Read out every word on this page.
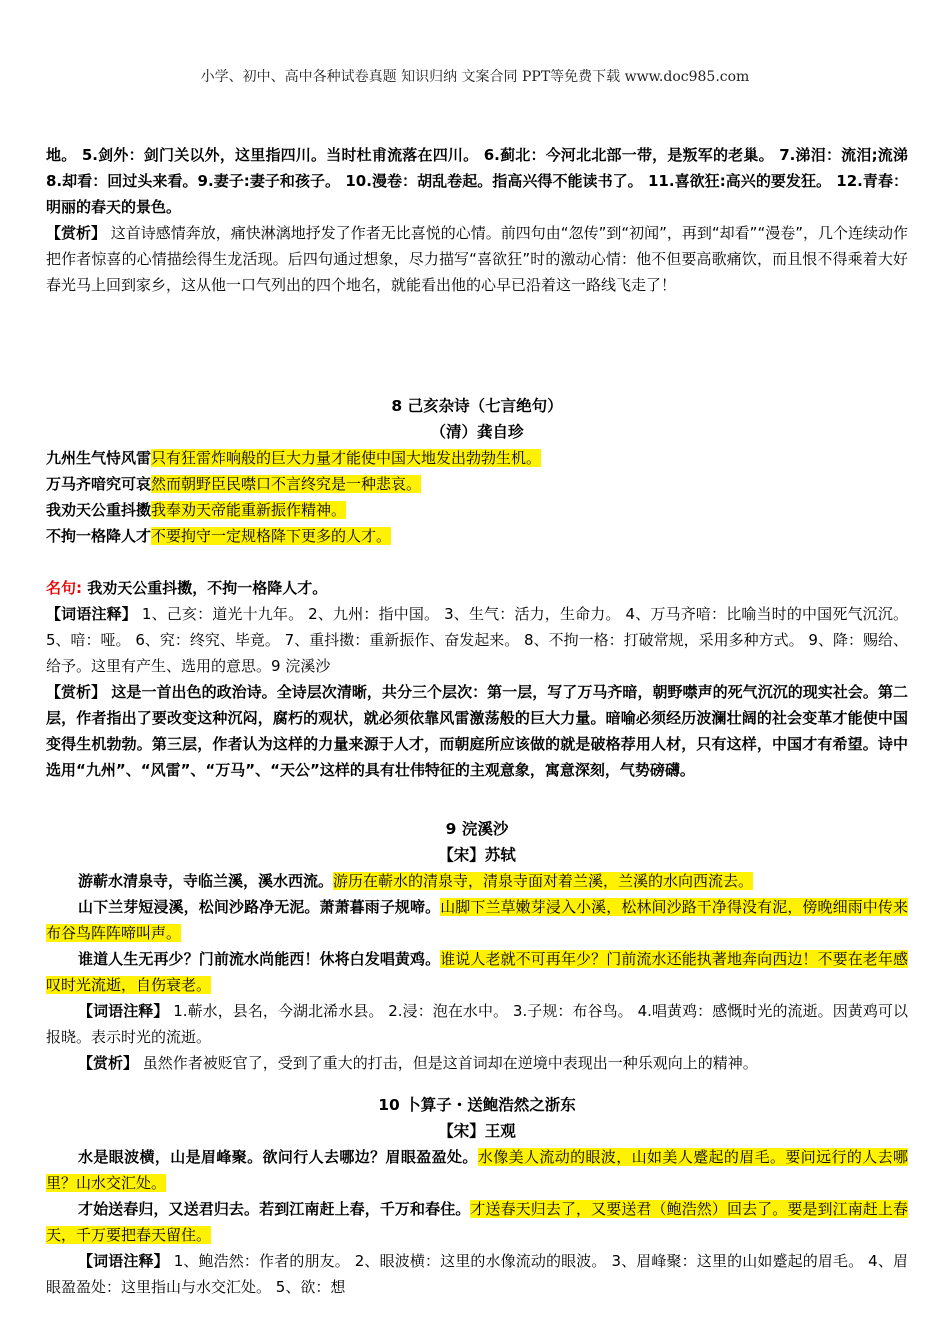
小学、初中、高中各种试卷真题 知识归纳 文案合同 PPT等免费下载 www.doc985.com

地。 5.剑外：剑门关以外，这里指四川。当时杜甫流落在四川。 6.蓟北：今河北北部一带，是叛军的老巢。 7.涕泪：流泪;流涕 8.却看：回过头来看。9.妻子:妻子和孩子。 10.漫卷：胡乱卷起。指高兴得不能读书了。 11.喜欲狂:高兴的要发狂。 12.青春：明丽的春天的景色。

【赏析】 这首诗感情奔放，痛快淋漓地抒发了作者无比喜悦的心情。前四句由“忽传”到“初闻”，再到“却看”“漫卷”，几个连续动作把作者惊喜的心情描绘得生龙活现。后四句通过想象，尽力描写“喜欲狂”时的激动心情：他不但要高歌痛饮，而且恨不得乘着大好春光马上回到家乡，这从他一口气列出的四个地名，就能看出他的心早已沿着这一路线飞走了！

8 己亥杂诗（七言绝句）

（清）龚自珍

九州生气恃风雷只有狂雷炸响般的巨大力量才能使中国大地发出勃勃生机。

万马齐喑究可哀然而朝野臣民噤口不言终究是一种悲哀。

我劝天公重抖擞我奉劝天帝能重新振作精神。

不拘一格降人才不要拘守一定规格降下更多的人才。

名句: 我劝天公重抖擞，不拘一格降人才。

【词语注释】 1、己亥：道光十九年。 2、九州：指中国。 3、生气：活力，生命力。 4、万马齐喑：比喻当时的中国死气沉沉。 5、喑：哑。 6、究：终究、毕竟。 7、重抖擞：重新振作、奋发起来。 8、不拘一格：打破常规，采用多种方式。 9、降：赐给、给予。这里有产生、选用的意思。9 浣溪沙

【赏析】 这是一首出色的政治诗。全诗层次清晰，共分三个层次：第一层，写了万马齐暗，朝野噤声的死气沉沉的现实社会。第二层，作者指出了要改变这种沉闷，腐朽的观状，就必须依靠风雷激荡般的巨大力量。暗喻必须经历波澜壮阔的社会变革才能使中国变得生机勃勃。第三层，作者认为这样的力量来源于人才，而朝庭所应该做的就是破格荐用人材，只有这样，中国才有希望。诗中选用“九州”、“风雷”、“万马”、“天公”这样的具有壮伟特征的主观意象，寓意深刻，气势磅礴。

9 浣溪沙

【宋】苏轼

游蕲水清泉寺，寺临兰溪，溪水西流。游历在蕲水的清泉寺，清泉寺面对着兰溪，兰溪的水向西流去。

山下兰芽短浸溪，松间沙路净无泥。萧萧暮雨子规啼。山脚下兰草嫩芽浸入小溪，松林间沙路干净得没有泥，傍晚细雨中传来布谷鸟阵阵啼叫声。

谁道人生无再少？门前流水尚能西！休将白发唱黄鸡。谁说人老就不可再年少？门前流水还能执著地奔向西边！不要在老年感叹时光流逝，自伤衰老。

【词语注释】 1.蕲水，县名，今湖北浠水县。 2.浸：泡在水中。 3.子规：布谷鸟。 4.唱黄鸡：感慨时光的流逝。因黄鸡可以报晓。表示时光的流逝。

【赏析】 虽然作者被贬官了，受到了重大的打击，但是这首词却在逆境中表现出一种乐观向上的精神。

10 卜算子・送鲍浩然之浙东

【宋】王观

水是眼波横，山是眉峰聚。欲问行人去哪边？眉眼盈盈处。水像美人流动的眼波，山如美人蹙起的眉毛。要问远行的人去哪里？山水交汇处。

才始送春归，又送君归去。若到江南赶上春，千万和春住。才送春天归去了，又要送君（鲍浩然）回去了。要是到江南赶上春天，千万要把春天留住。

【词语注释】 1、鲍浩然：作者的朋友。 2、眼波横：这里的水像流动的眼波。 3、眉峰聚：这里的山如蹙起的眉毛。 4、眉眼盈盈处：这里指山与水交汇处。 5、欲：想
